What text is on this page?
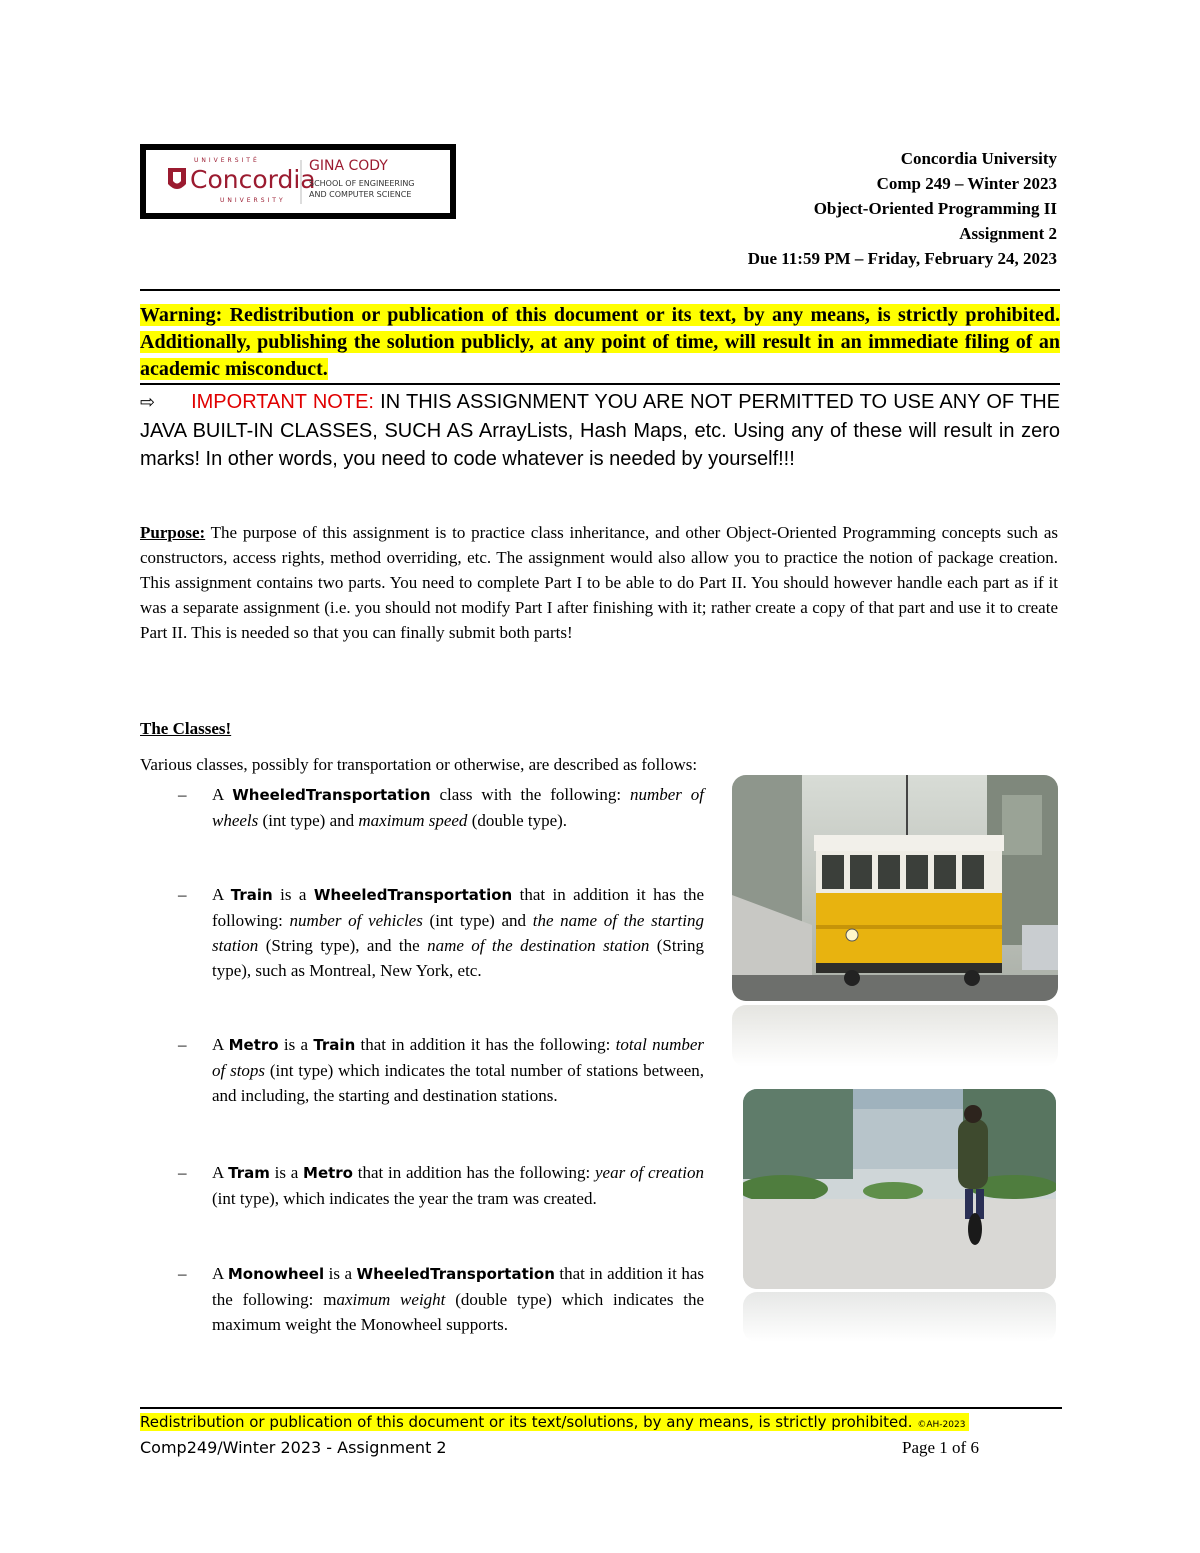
UNIVERSITÉ
Concordia
UNIVERSITY
GINA CODY
SCHOOL OF ENGINEERING
AND COMPUTER SCIENCE
Concordia University
Comp 249 – Winter 2023
Object-Oriented Programming II
Assignment 2
Due 11:59 PM – Friday, February 24, 2023
Warning: Redistribution or publication of this document or its text, by any means, is strictly prohibited. Additionally, publishing the solution publicly, at any point of time, will result in an immediate filing of an academic misconduct.
⇨ IMPORTANT NOTE: IN THIS ASSIGNMENT YOU ARE NOT PERMITTED TO USE ANY OF THE JAVA BUILT-IN CLASSES, SUCH AS ArrayLists, Hash Maps, etc. Using any of these will result in zero marks! In other words, you need to code whatever is needed by yourself!!!
Purpose: The purpose of this assignment is to practice class inheritance, and other Object-Oriented Programming concepts such as constructors, access rights, method overriding, etc. The assignment would also allow you to practice the notion of package creation. This assignment contains two parts. You need to complete Part I to be able to do Part II. You should however handle each part as if it was a separate assignment (i.e. you should not modify Part I after finishing with it; rather create a copy of that part and use it to create Part II. This is needed so that you can finally submit both parts!
The Classes!
Various classes, possibly for transportation or otherwise, are described as follows:
– A WheeledTransportation class with the following: number of wheels (int type) and maximum speed (double type).
– A Train is a WheeledTransportation that in addition it has the following: number of vehicles (int type) and the name of the starting station (String type), and the name of the destination station (String type), such as Montreal, New York, etc.
– A Metro is a Train that in addition it has the following: total number of stops (int type) which indicates the total number of stations between, and including, the starting and destination stations.
– A Tram is a Metro that in addition has the following: year of creation (int type), which indicates the year the tram was created.
– A Monowheel is a WheeledTransportation that in addition it has the following: maximum weight (double type) which indicates the maximum weight the Monowheel supports.
Redistribution or publication of this document or its text/solutions, by any means, is strictly prohibited. ©AH-2023
Comp249/Winter 2023 - Assignment 2	Page 1 of 6
